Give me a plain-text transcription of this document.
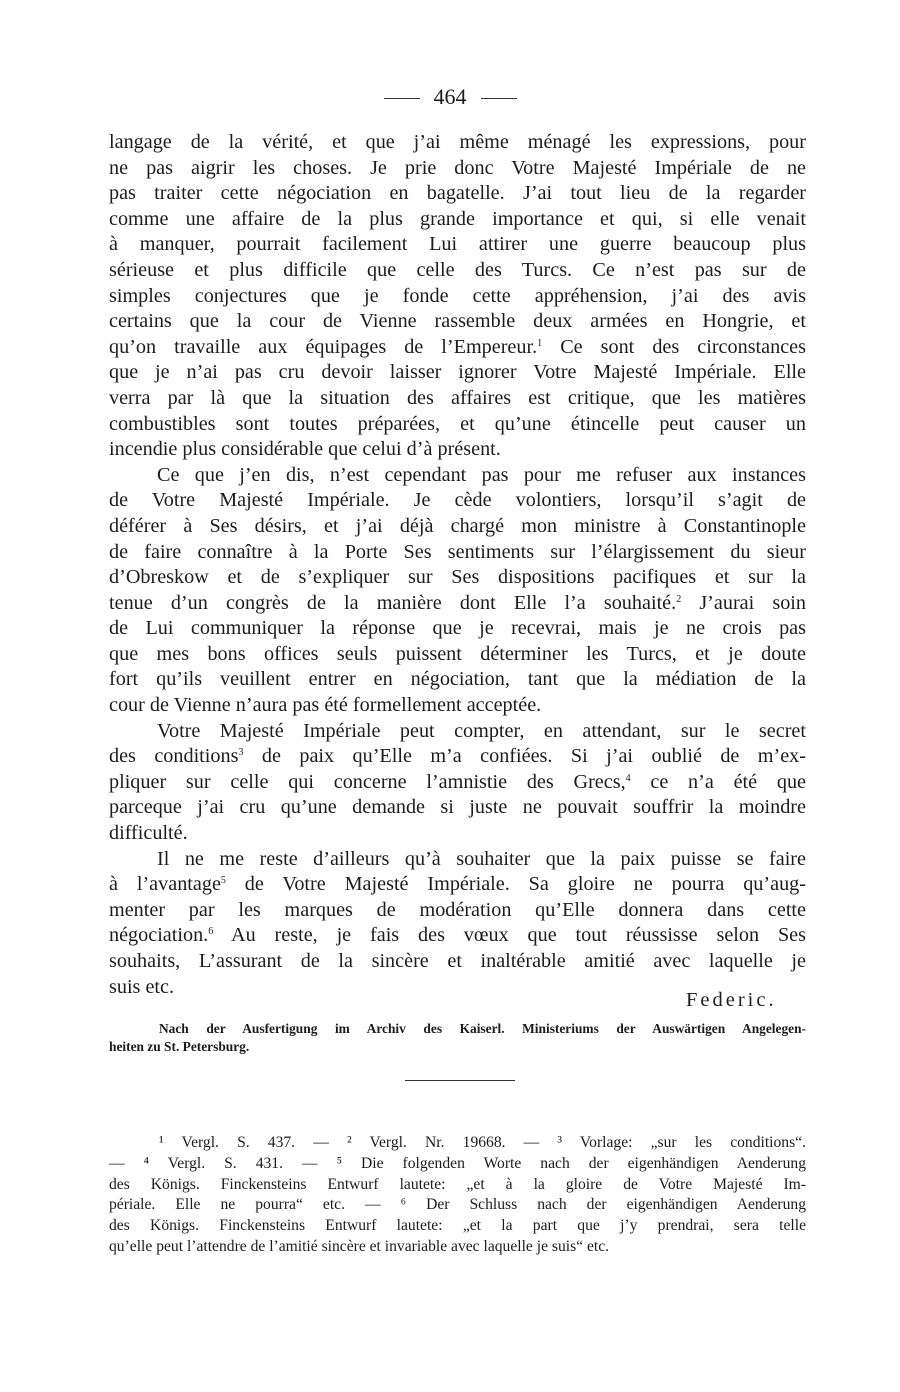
464
langage de la vérité, et que j’ai même ménagé les expressions, pour
ne pas aigrir les choses. Je prie donc Votre Majesté Impériale de ne
pas traiter cette négociation en bagatelle. J’ai tout lieu de la regarder
comme une affaire de la plus grande importance et qui, si elle venait
à manquer, pourrait facilement Lui attirer une guerre beaucoup plus
sérieuse et plus difficile que celle des Turcs. Ce n’est pas sur de
simples conjectures que je fonde cette appréhension, j’ai des avis
certains que la cour de Vienne rassemble deux armées en Hongrie, et
qu’on travaille aux équipages de l’Empereur.$^1$ Ce sont des circonstances
que je n’ai pas cru devoir laisser ignorer Votre Majesté Impériale. Elle
verra par là que la situation des affaires est critique, que les matières
combustibles sont toutes préparées, et qu’une étincelle peut causer un
incendie plus considérable que celui d’à présent.
Ce que j’en dis, n’est cependant pas pour me refuser aux instances
de Votre Majesté Impériale. Je cède volontiers, lorsqu’il s’agit de
déférer à Ses désirs, et j’ai déjà chargé mon ministre à Constantinople
de faire connaître à la Porte Ses sentiments sur l’élargissement du sieur
d’Obreskow et de s’expliquer sur Ses dispositions pacifiques et sur la
tenue d’un congrès de la manière dont Elle l’a souhaité.$^2$ J’aurai soin
de Lui communiquer la réponse que je recevrai, mais je ne crois pas
que mes bons offices seuls puissent déterminer les Turcs, et je doute
fort qu’ils veuillent entrer en négociation, tant que la médiation de la
cour de Vienne n’aura pas été formellement acceptée.
Votre Majesté Impériale peut compter, en attendant, sur le secret
des conditions$^3$ de paix qu’Elle m’a confiées. Si j’ai oublié de m’ex-
pliquer sur celle qui concerne l’amnistie des Grecs,$^4$ ce n’a été que
parceque j’ai cru qu’une demande si juste ne pouvait souffrir la moindre
difficulté.
Il ne me reste d’ailleurs qu’à souhaiter que la paix puisse se faire
à l’avantage$^5$ de Votre Majesté Impériale. Sa gloire ne pourra qu’aug-
menter par les marques de modération qu’Elle donnera dans cette
négociation.$^6$ Au reste, je fais des vœux que tout réussisse selon Ses
souhaits, L’assurant de la sincère et inaltérable amitié avec laquelle je
suis etc.
Federic.
Nach der Ausfertigung im Archiv des Kaiserl. Ministeriums der Auswärtigen Angelegen-
heiten zu St. Petersburg.
¹ Vergl. S. 437. — ² Vergl. Nr. 19668. — ³ Vorlage: „sur les conditions“.
— ⁴ Vergl. S. 431. — ⁵ Die folgenden Worte nach der eigenhändigen Aenderung
des Königs. Finckensteins Entwurf lautete: „et à la gloire de Votre Majesté Im-
périale. Elle ne pourra“ etc. — ⁶ Der Schluss nach der eigenhändigen Aenderung
des Königs. Finckensteins Entwurf lautete: „et la part que j’y prendrai, sera telle
qu’elle peut l’attendre de l’amitié sincère et invariable avec laquelle je suis“ etc.
